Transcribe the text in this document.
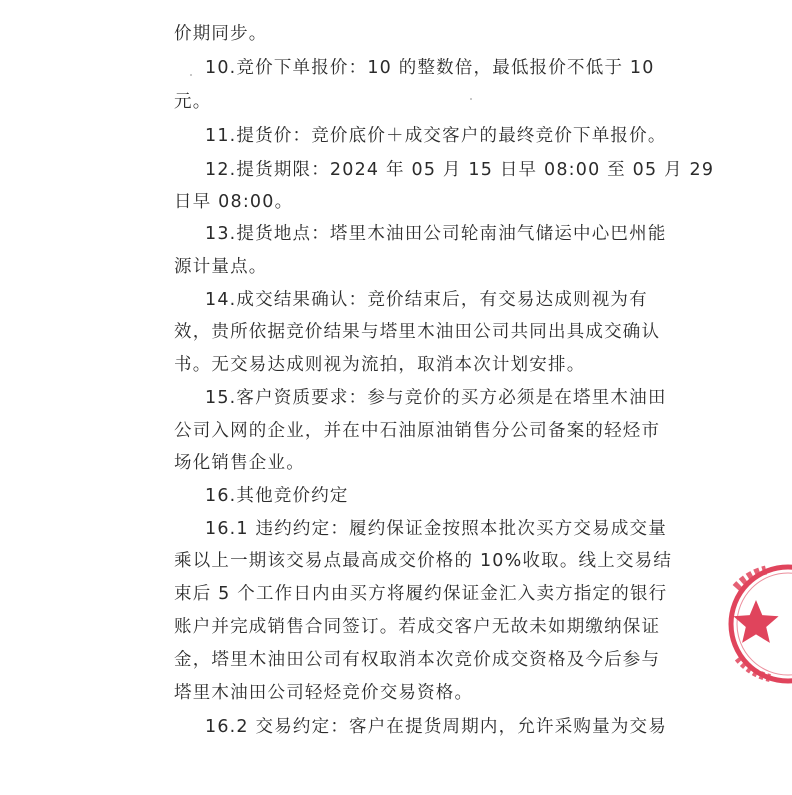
价期同步。
10.竞价下单报价：10 的整数倍，最低报价不低于 10
元。
11.提货价：竞价底价＋成交客户的最终竞价下单报价。
12.提货期限：2024 年 05 月 15 日早 08:00 至 05 月 29
日早 08:00。
13.提货地点：塔里木油田公司轮南油气储运中心巴州能
源计量点。
14.成交结果确认：竞价结束后，有交易达成则视为有
效，贵所依据竞价结果与塔里木油田公司共同出具成交确认
书。无交易达成则视为流拍，取消本次计划安排。
15.客户资质要求：参与竞价的买方必须是在塔里木油田
公司入网的企业，并在中石油原油销售分公司备案的轻烃市
场化销售企业。
16.其他竞价约定
16.1 违约约定：履约保证金按照本批次买方交易成交量
乘以上一期该交易点最高成交价格的 10%收取。线上交易结
束后 5 个工作日内由买方将履约保证金汇入卖方指定的银行
账户并完成销售合同签订。若成交客户无故未如期缴纳保证
金，塔里木油田公司有权取消本次竞价成交资格及今后参与
塔里木油田公司轻烃竞价交易资格。
16.2 交易约定：客户在提货周期内，允许采购量为交易
